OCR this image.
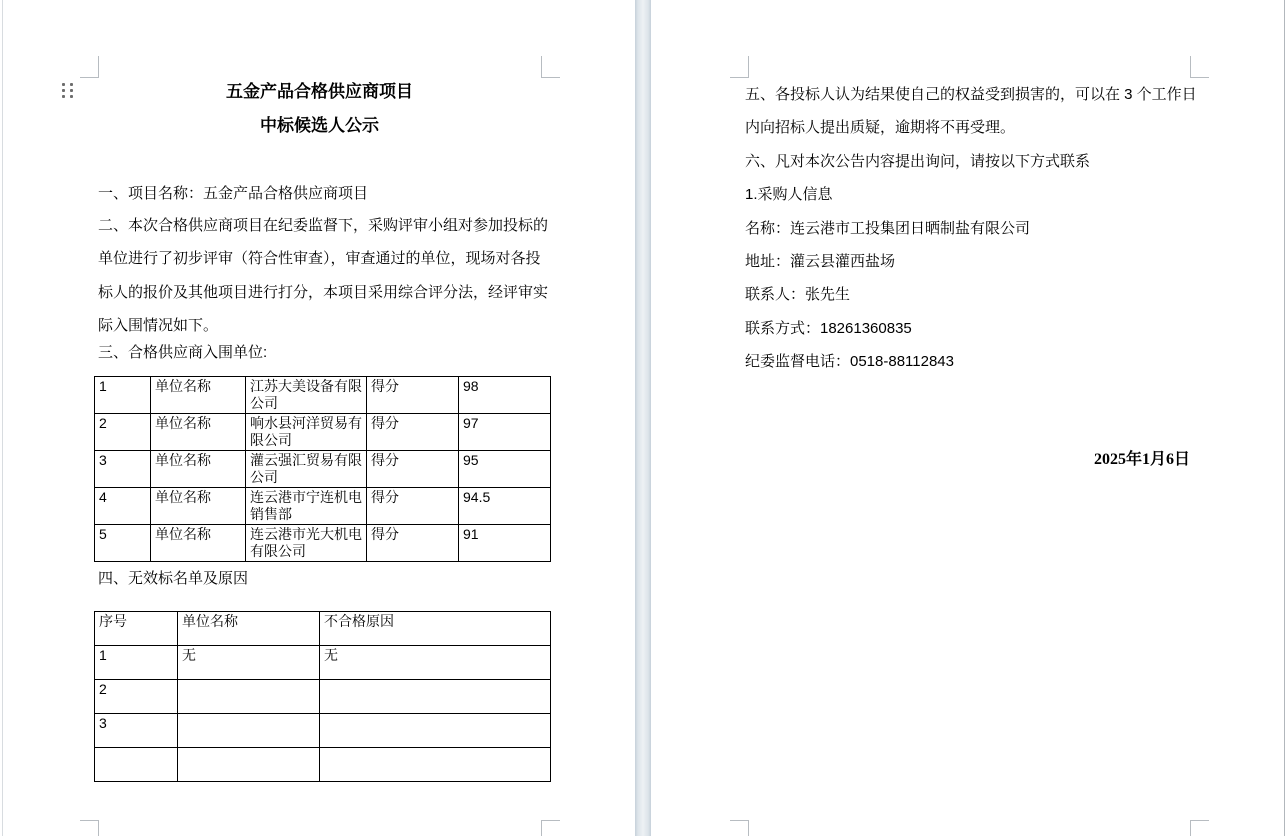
五金产品合格供应商项目
中标候选人公示
一、项目名称：五金产品合格供应商项目
二、本次合格供应商项目在纪委监督下，采购评审小组对参加投标的
单位进行了初步评审（符合性审查），审查通过的单位，现场对各投
标人的报价及其他项目进行打分，本项目采用综合评分法，经评审实
际入围情况如下。
三、合格供应商入围单位:
1	单位名称	江苏大美设备有限公司	得分	98
2	单位名称	响水县河洋贸易有限公司	得分	97
3	单位名称	灌云强汇贸易有限公司	得分	95
4	单位名称	连云港市宁连机电销售部	得分	94.5
5	单位名称	连云港市光大机电有限公司	得分	91
四、无效标名单及原因
序号	单位名称	不合格原因
1	无	无
2		
3		

五、各投标人认为结果使自己的权益受到损害的，可以在 3 个工作日
内向招标人提出质疑，逾期将不再受理。
六、凡对本次公告内容提出询问，请按以下方式联系
1.采购人信息
名称：连云港市工投集团日晒制盐有限公司
地址：灌云县灌西盐场
联系人：张先生
联系方式：18261360835
纪委监督电话：0518-88112843
2025年1月6日
